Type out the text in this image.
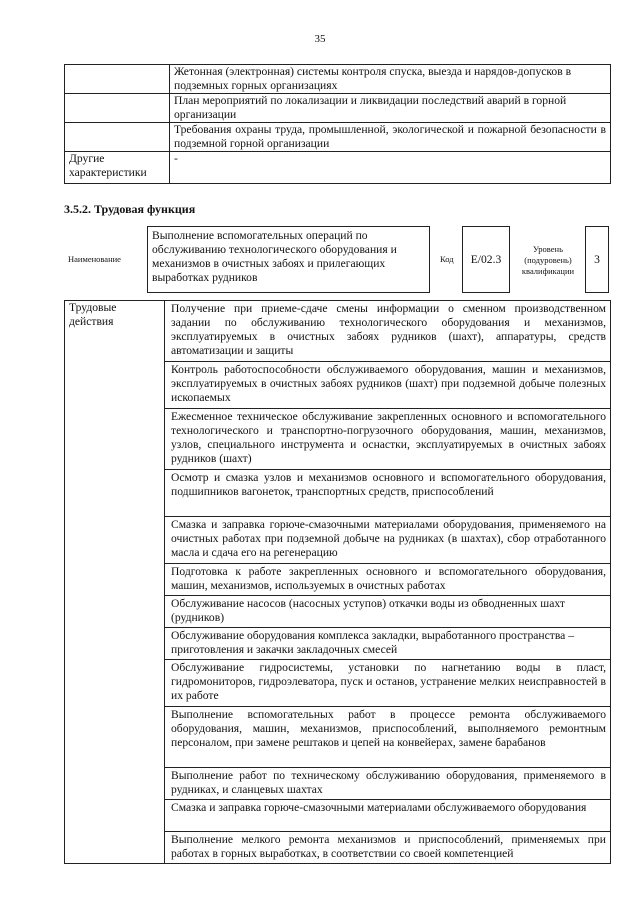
35
	Жетонная (электронная) системы контроля спуска, выезда и нарядов-допусков в подземных горных организациях
	План мероприятий по локализации и ликвидации последствий аварий в горной организации
	Требования охраны труда, промышленной, экологической и пожарной безопасности в подземной горной организации
Другие характеристики	-
3.5.2. Трудовая функция
Наименование
Выполнение вспомогательных операций по обслуживанию технологического оборудования и механизмов в очистных забоях и прилегающих выработках рудников
Код	E/02.3
Уровень (подуровень) квалификации
3
Трудовые действия	Получение при приеме-сдаче смены информации о сменном производственном задании по обслуживанию технологического оборудования и механизмов, эксплуатируемых в очистных забоях рудников (шахт), аппаратуры, средств автоматизации и защиты
Контроль работоспособности обслуживаемого оборудования, машин и механизмов, эксплуатируемых в очистных забоях рудников (шахт) при подземной добыче полезных ископаемых
Ежесменное техническое обслуживание закрепленных основного и вспомогательного технологического и транспортно-погрузочного оборудования, машин, механизмов, узлов, специального инструмента и оснастки, эксплуатируемых в очистных забоях рудников (шахт)
Осмотр и смазка узлов и механизмов основного и вспомогательного оборудования, подшипников вагонеток, транспортных средств, приспособлений
Смазка и заправка горюче-смазочными материалами оборудования, применяемого на очистных работах при подземной добыче на рудниках (в шахтах), сбор отработанного масла и сдача его на регенерацию
Подготовка к работе закрепленных основного и вспомогательного оборудования, машин, механизмов, используемых в очистных работах
Обслуживание насосов (насосных уступов) откачки воды из обводненных шахт (рудников)
Обслуживание оборудования комплекса закладки, выработанного пространства – приготовления и закачки закладочных смесей
Обслуживание гидросистемы, установки по нагнетанию воды в пласт, гидромониторов, гидроэлеватора, пуск и останов, устранение мелких неисправностей в их работе
Выполнение вспомогательных работ в процессе ремонта обслуживаемого оборудования, машин, механизмов, приспособлений, выполняемого ремонтным персоналом, при замене рештаков и цепей на конвейерах, замене барабанов
Выполнение работ по техническому обслуживанию оборудования, применяемого в рудниках, и сланцевых шахтах
Смазка и заправка горюче-смазочными материалами обслуживаемого оборудования
Выполнение мелкого ремонта механизмов и приспособлений, применяемых при работах в горных выработках, в соответствии со своей компетенцией
